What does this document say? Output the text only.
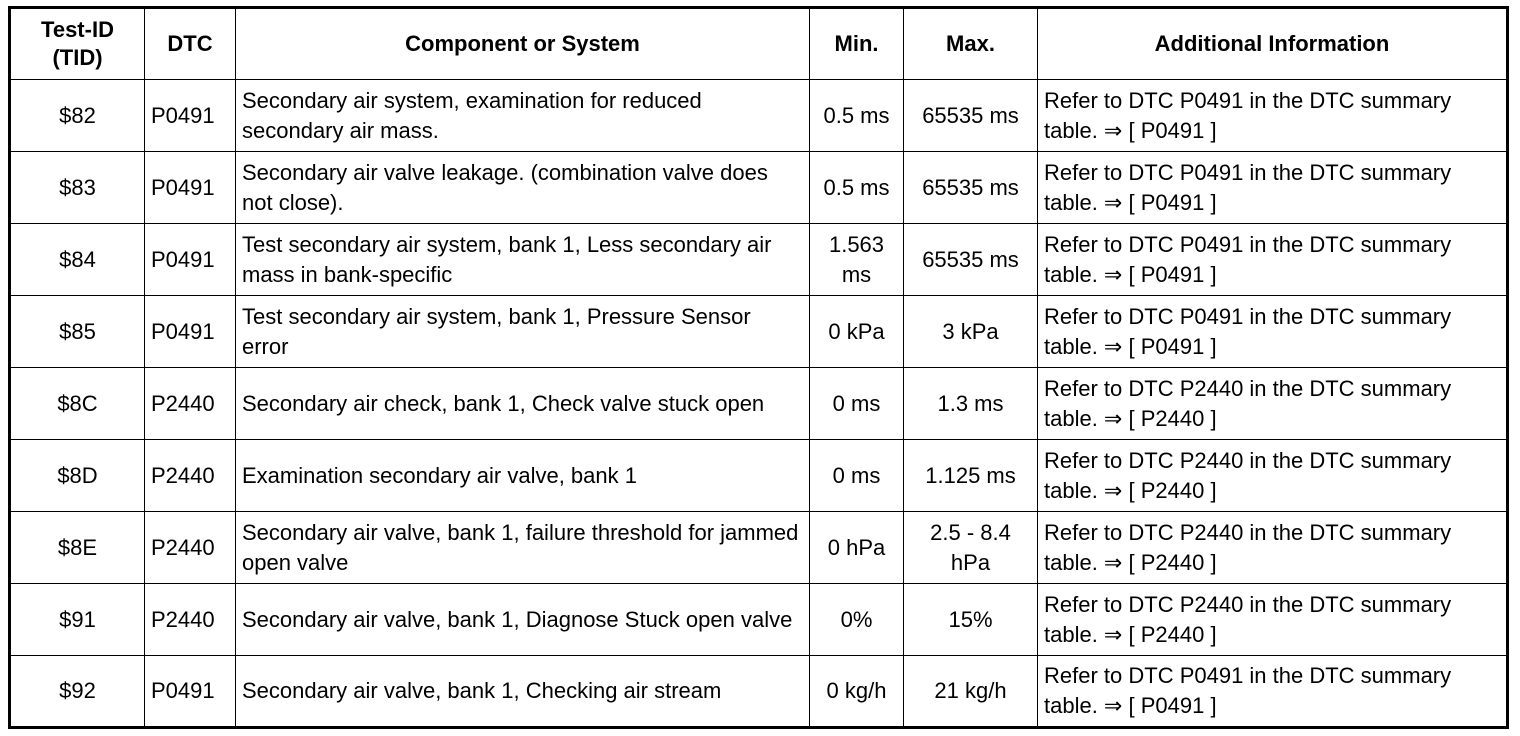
Test-ID (TID)	DTC	Component or System	Min.	Max.	Additional Information
$82	P0491	Secondary air system, examination for reduced secondary air mass.	0.5 ms	65535 ms	Refer to DTC P0491 in the DTC summary table. ⇒ [ P0491 ]
$83	P0491	Secondary air valve leakage. (combination valve does not close).	0.5 ms	65535 ms	Refer to DTC P0491 in the DTC summary table. ⇒ [ P0491 ]
$84	P0491	Test secondary air system, bank 1, Less secondary air mass in bank-specific	1.563 ms	65535 ms	Refer to DTC P0491 in the DTC summary table. ⇒ [ P0491 ]
$85	P0491	Test secondary air system, bank 1, Pressure Sensor error	0 kPa	3 kPa	Refer to DTC P0491 in the DTC summary table. ⇒ [ P0491 ]
$8C	P2440	Secondary air check, bank 1, Check valve stuck open	0 ms	1.3 ms	Refer to DTC P2440 in the DTC summary table. ⇒ [ P2440 ]
$8D	P2440	Examination secondary air valve, bank 1	0 ms	1.125 ms	Refer to DTC P2440 in the DTC summary table. ⇒ [ P2440 ]
$8E	P2440	Secondary air valve, bank 1, failure threshold for jammed open valve	0 hPa	2.5 - 8.4 hPa	Refer to DTC P2440 in the DTC summary table. ⇒ [ P2440 ]
$91	P2440	Secondary air valve, bank 1, Diagnose Stuck open valve	0%	15%	Refer to DTC P2440 in the DTC summary table. ⇒ [ P2440 ]
$92	P0491	Secondary air valve, bank 1, Checking air stream	0 kg/h	21 kg/h	Refer to DTC P0491 in the DTC summary table. ⇒ [ P0491 ]
